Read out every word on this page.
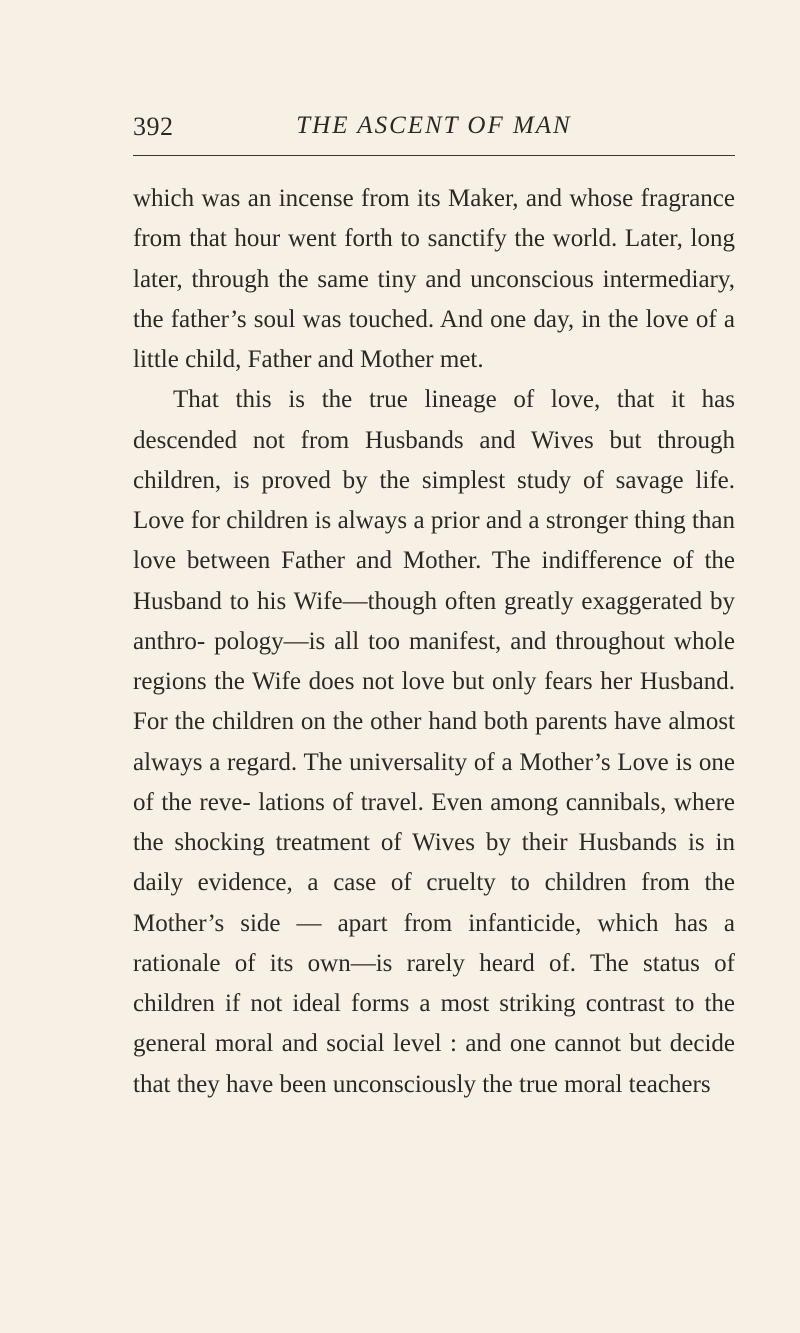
392	THE ASCENT OF MAN

which was an incense from its Maker, and whose fragrance from that hour went forth to sanctify the world. Later, long later, through the same tiny and unconscious intermediary, the father’s soul was touched. And one day, in the love of a little child, Father and Mother met.

That this is the true lineage of love, that it has descended not from Husbands and Wives but through children, is proved by the simplest study of savage life. Love for children is always a prior and a stronger thing than love between Father and Mother. The indifference of the Husband to his Wife—though often greatly exaggerated by anthro- pology—is all too manifest, and throughout whole regions the Wife does not love but only fears her Husband. For the children on the other hand both parents have almost always a regard. The universality of a Mother’s Love is one of the reve- lations of travel. Even among cannibals, where the shocking treatment of Wives by their Husbands is in daily evidence, a case of cruelty to children from the Mother’s side — apart from infanticide, which has a rationale of its own—is rarely heard of. The status of children if not ideal forms a most striking contrast to the general moral and social level : and one cannot but decide that they have been unconsciously the true moral teachers
